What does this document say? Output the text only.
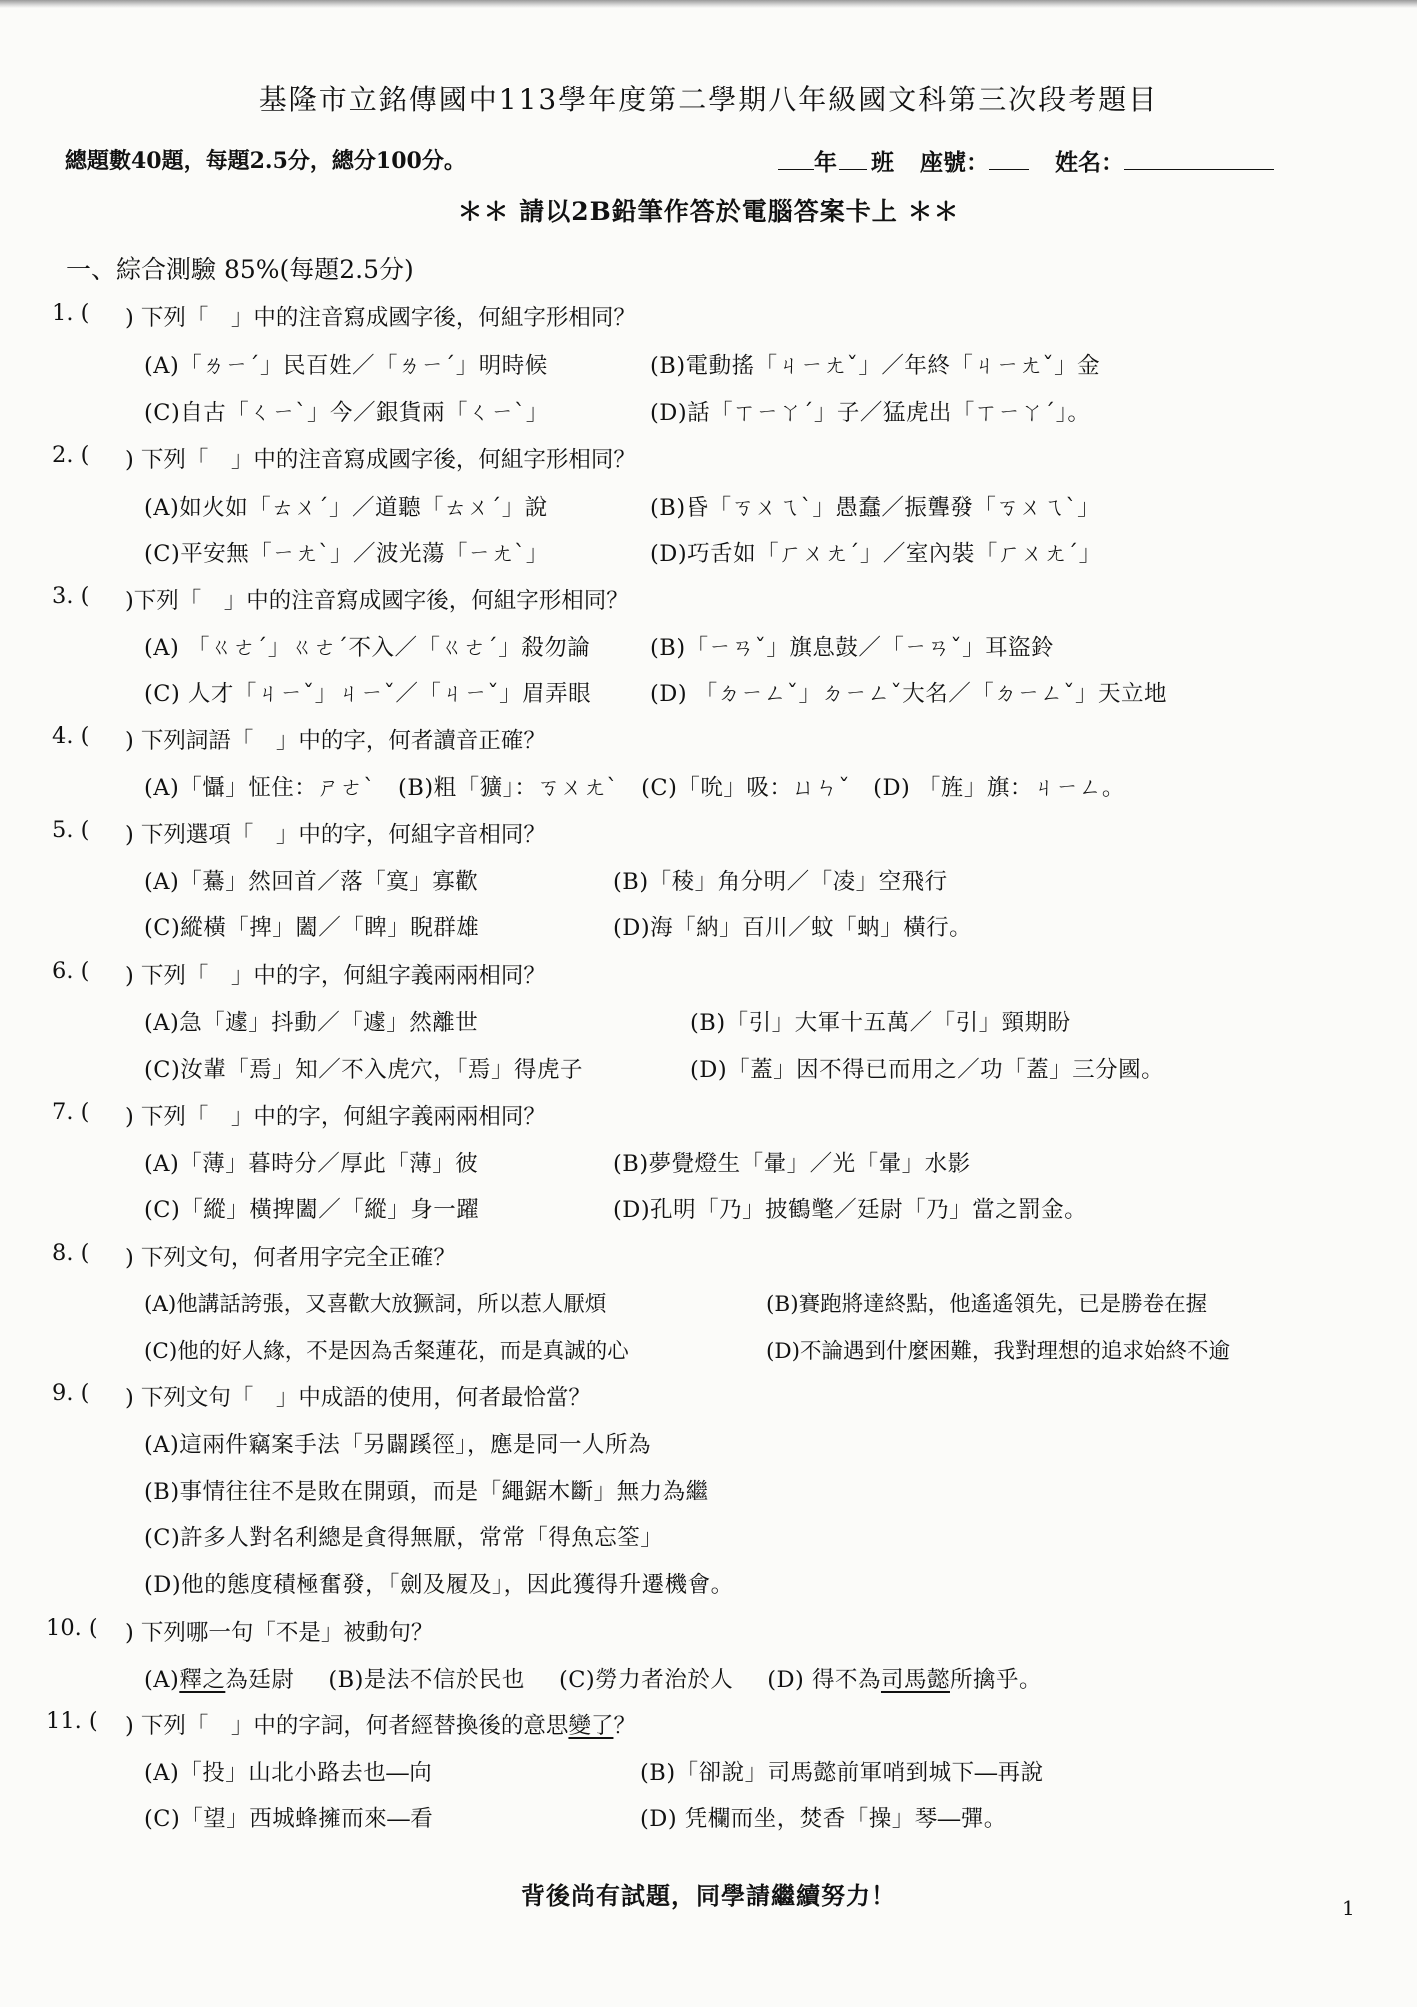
基隆市立銘傳國中113學年度第二學期八年級國文科第三次段考題目
總題數40題，每題2.5分，總分100分。	年 班 座號：	姓名：
＊＊ 請以2B鉛筆作答於電腦答案卡上 ＊＊
一、綜合測驗 85%(每題2.5分)
1. ( ) 下列「　」中的注音寫成國字後，何組字形相同？
(A)「ㄌㄧˊ」民百姓／「ㄌㄧˊ」明時候	(B)電動搖「ㄐㄧㄤˇ」／年終「ㄐㄧㄤˇ」金
(C)自古「ㄑㄧˋ」今／銀貨兩「ㄑㄧˋ」	(D)話「ㄒㄧㄚˊ」子／猛虎出「ㄒㄧㄚˊ」。
2. ( ) 下列「　」中的注音寫成國字後，何組字形相同？
(A)如火如「ㄊㄨˊ」／道聽「ㄊㄨˊ」說	(B)昏「ㄎㄨㄟˋ」愚蠢／振聾發「ㄎㄨㄟˋ」
(C)平安無「ㄧㄤˋ」／波光蕩「ㄧㄤˋ」	(D)巧舌如「ㄏㄨㄤˊ」／室內裝「ㄏㄨㄤˊ」
3. ( )下列「　」中的注音寫成國字後，何組字形相同？
(A) 「ㄍㄜˊ」ㄍㄜˊ不入／「ㄍㄜˊ」殺勿論	(B)「ㄧㄢˇ」旗息鼓／「ㄧㄢˇ」耳盜鈴
(C) 人才「ㄐㄧˇ」ㄐㄧˇ／「ㄐㄧˇ」眉弄眼	(D) 「ㄉㄧㄥˇ」ㄉㄧㄥˇ大名／「ㄉㄧㄥˇ」天立地
4. ( ) 下列詞語「　」中的字，何者讀音正確？
(A)「懾」怔住：ㄕㄜˋ　(B)粗「獷」：ㄎㄨㄤˋ　(C)「吮」吸：ㄩㄣˇ　(D) 「旌」旗：ㄐㄧㄥ。
5. ( ) 下列選項「　」中的字，何組字音相同？
(A)「驀」然回首／落「寞」寡歡	(B)「稜」角分明／「凌」空飛行
(C)縱橫「捭」闔／「睥」睨群雄	(D)海「納」百川／蚊「蚋」橫行。
6. ( ) 下列「　」中的字，何組字義兩兩相同？
(A)急「遽」抖動／「遽」然離世	(B)「引」大軍十五萬／「引」頸期盼
(C)汝輩「焉」知／不入虎穴，「焉」得虎子	(D)「蓋」因不得已而用之／功「蓋」三分國。
7. ( ) 下列「　」中的字，何組字義兩兩相同？
(A)「薄」暮時分／厚此「薄」彼	(B)夢覺燈生「暈」／光「暈」水影
(C)「縱」橫捭闔／「縱」身一躍	(D)孔明「乃」披鶴氅／廷尉「乃」當之罰金。
8. ( ) 下列文句，何者用字完全正確？
(A)他講話誇張，又喜歡大放獗詞，所以惹人厭煩	(B)賽跑將達終點，他遙遙領先，已是勝卷在握
(C)他的好人緣，不是因為舌粲蓮花，而是真誠的心	(D)不論遇到什麼困難，我對理想的追求始終不逾
9. ( ) 下列文句「　」中成語的使用，何者最恰當？
(A)這兩件竊案手法「另闢蹊徑」，應是同一人所為
(B)事情往往不是敗在開頭，而是「繩鋸木斷」無力為繼
(C)許多人對名利總是貪得無厭，常常「得魚忘筌」
(D)他的態度積極奮發，「劍及履及」，因此獲得升遷機會。
10. ( ) 下列哪一句「不是」被動句？
(A)釋之為廷尉 (B)是法不信於民也 (C)勞力者治於人 (D) 得不為司馬懿所擒乎。
11. ( ) 下列「　」中的字詞，何者經替換後的意思變了？
(A)「投」山北小路去也―向	(B)「卻說」司馬懿前軍哨到城下―再說
(C)「望」西城蜂擁而來―看	(D) 凭欄而坐，焚香「操」琴―彈。
背後尚有試題，同學請繼續努力！	1
